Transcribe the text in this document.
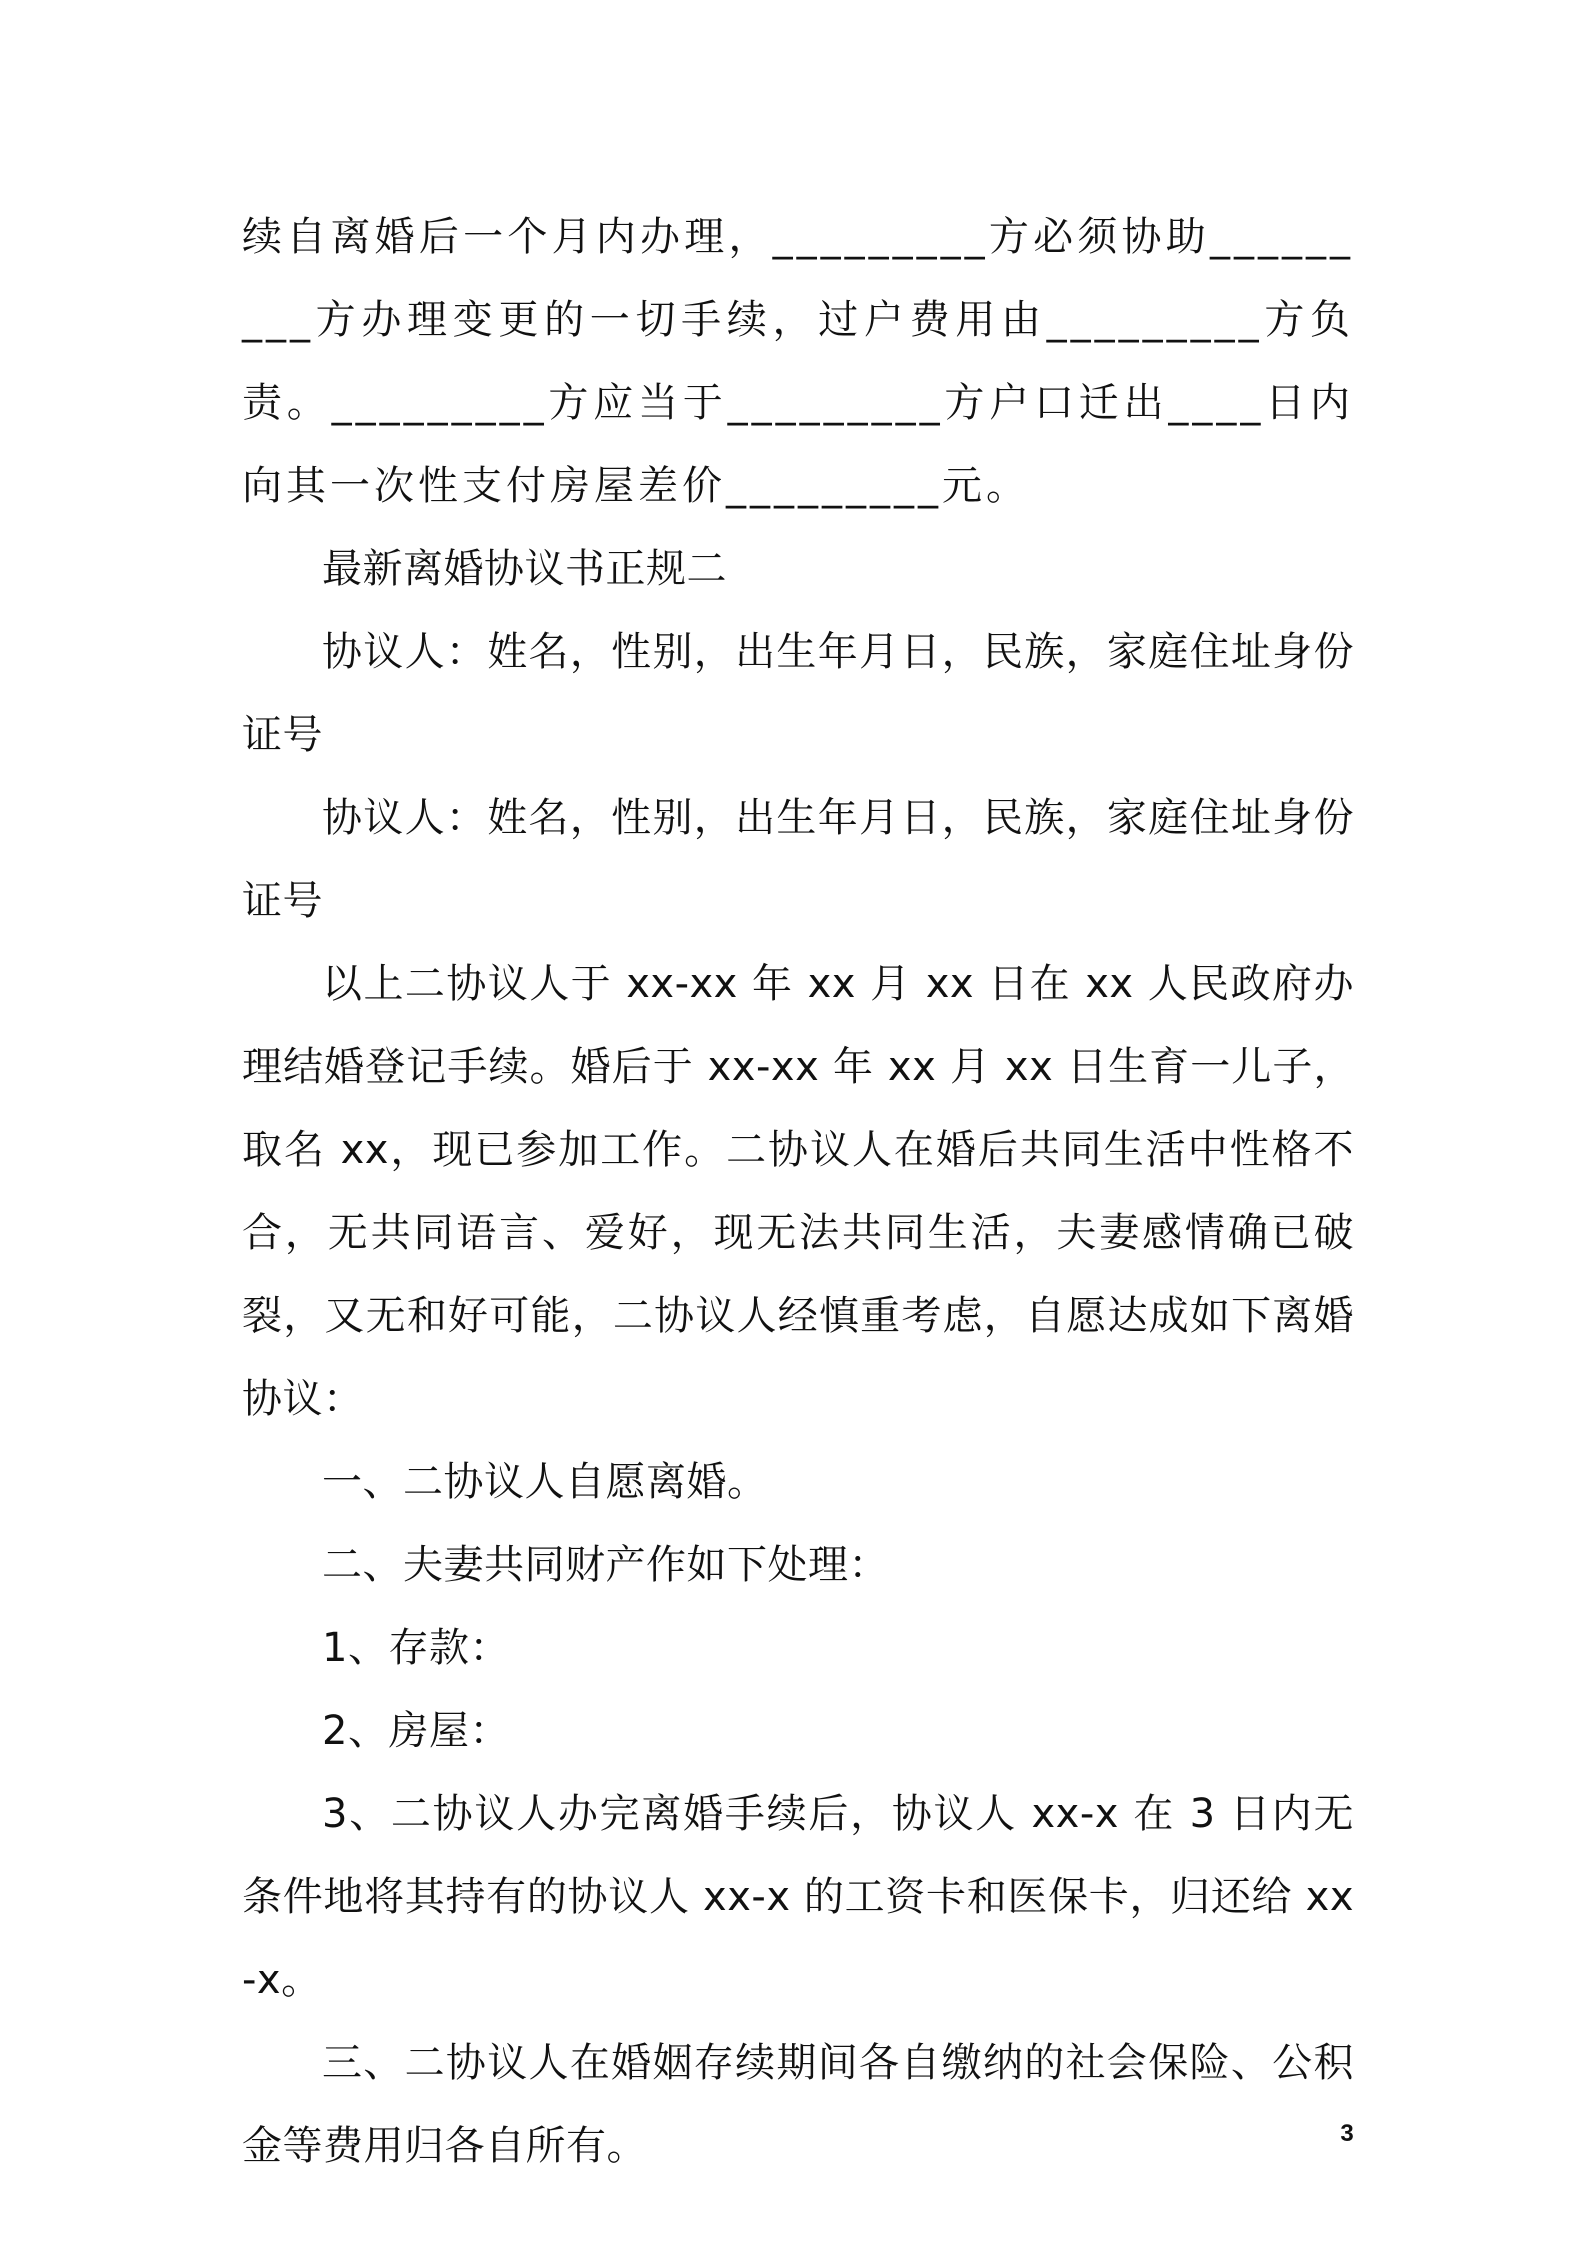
续自离婚后一个月内办理，_________方必须协助_________方办理变更的一切手续，过户费用由_________方负责。_________方应当于_________方户口迁出____日内向其一次性支付房屋差价_________元。

最新离婚协议书正规二

协议人：姓名，性别，出生年月日，民族，家庭住址身份证号

协议人：姓名，性别，出生年月日，民族，家庭住址身份证号

以上二协议人于 xx-xx 年 xx 月 xx 日在 xx 人民政府办理结婚登记手续。婚后于 xx-xx 年 xx 月 xx 日生育一儿子，取名 xx，现已参加工作。二协议人在婚后共同生活中性格不合，无共同语言、爱好，现无法共同生活，夫妻感情确已破裂，又无和好可能，二协议人经慎重考虑，自愿达成如下离婚协议：

一、二协议人自愿离婚。

二、夫妻共同财产作如下处理：

1、存款：

2、房屋：

3、二协议人办完离婚手续后，协议人 xx-x 在 3 日内无条件地将其持有的协议人 xx-x 的工资卡和医保卡，归还给 xx-x。

三、二协议人在婚姻存续期间各自缴纳的社会保险、公积金等费用归各自所有。	3
